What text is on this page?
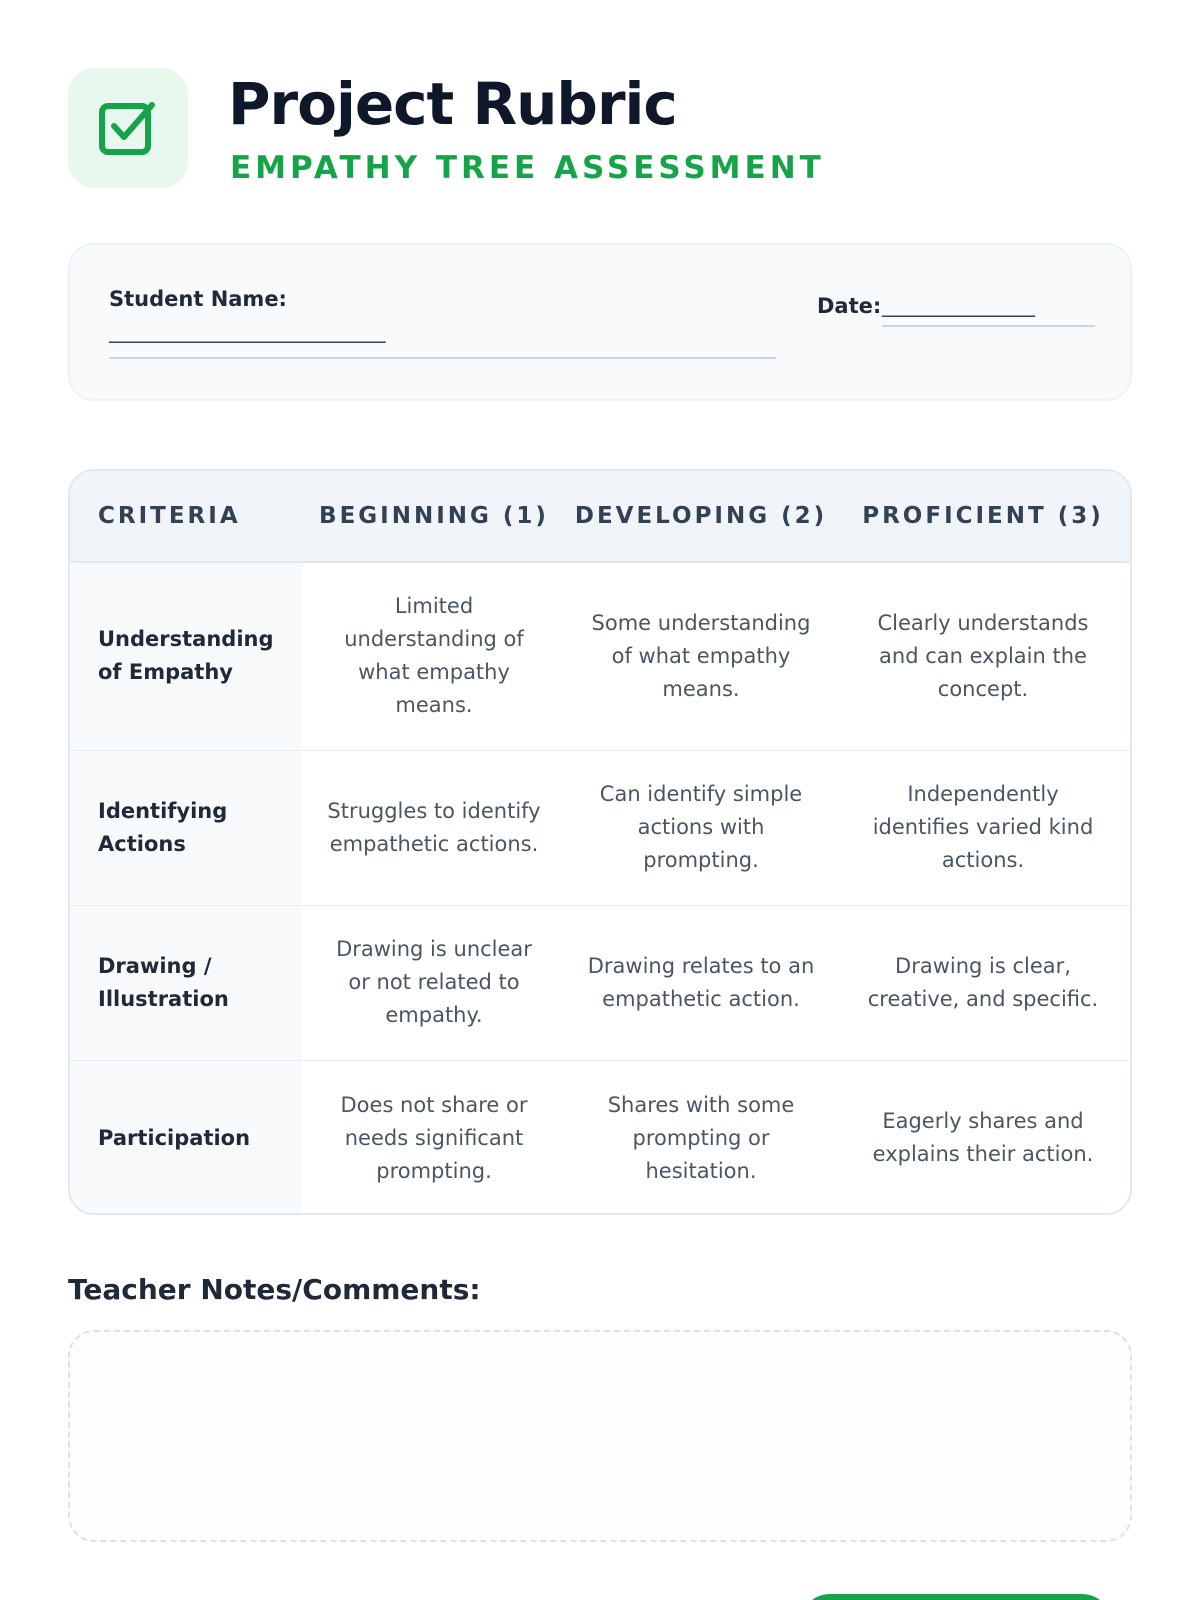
Project Rubric
EMPATHY TREE ASSESSMENT
Student Name:
_____________________________
Date: ________________
CRITERIA	BEGINNING (1)	DEVELOPING (2)	PROFICIENT (3)
Understanding of Empathy	Limited understanding of what empathy means.	Some understanding of what empathy means.	Clearly understands and can explain the concept.
Identifying Actions	Struggles to identify empathetic actions.	Can identify simple actions with prompting.	Independently identifies varied kind actions.
Drawing / Illustration	Drawing is unclear or not related to empathy.	Drawing relates to an empathetic action.	Drawing is clear, creative, and specific.
Participation	Does not share or needs significant prompting.	Shares with some prompting or hesitation.	Eagerly shares and explains their action.
Teacher Notes/Comments:
